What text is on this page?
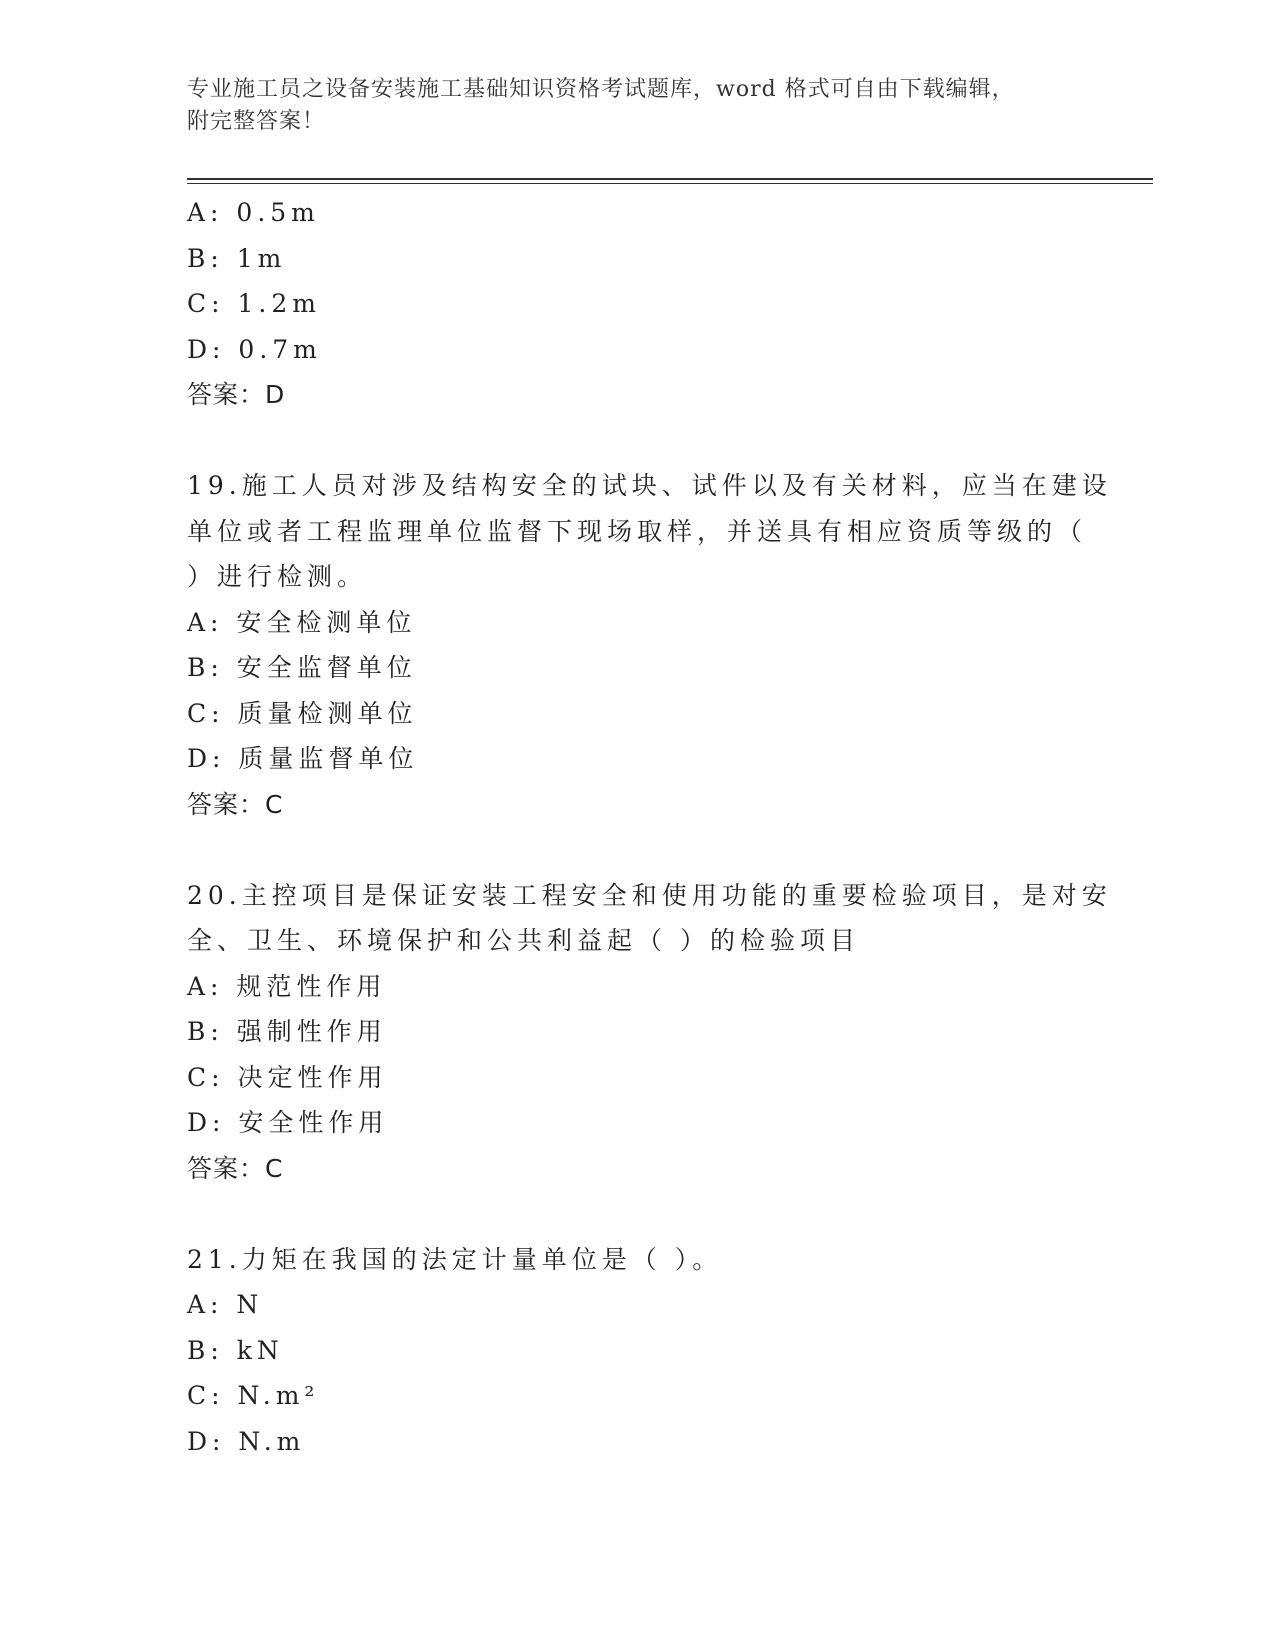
专业施工员之设备安装施工基础知识资格考试题库，word 格式可自由下载编辑，
附完整答案！
A: 0.5m
B: 1m
C: 1.2m
D: 0.7m
答案：D
19.施工人员对涉及结构安全的试块、试件以及有关材料，应当在建设
单位或者工程监理单位监督下现场取样，并送具有相应资质等级的（
）进行检测。
A: 安全检测单位
B: 安全监督单位
C: 质量检测单位
D: 质量监督单位
答案：C
20.主控项目是保证安装工程安全和使用功能的重要检验项目，是对安
全、卫生、环境保护和公共利益起（ ）的检验项目
A: 规范性作用
B: 强制性作用
C: 决定性作用
D: 安全性作用
答案：C
21.力矩在我国的法定计量单位是（ ）。
A: N
B: kN
C: N.m²
D: N.m
